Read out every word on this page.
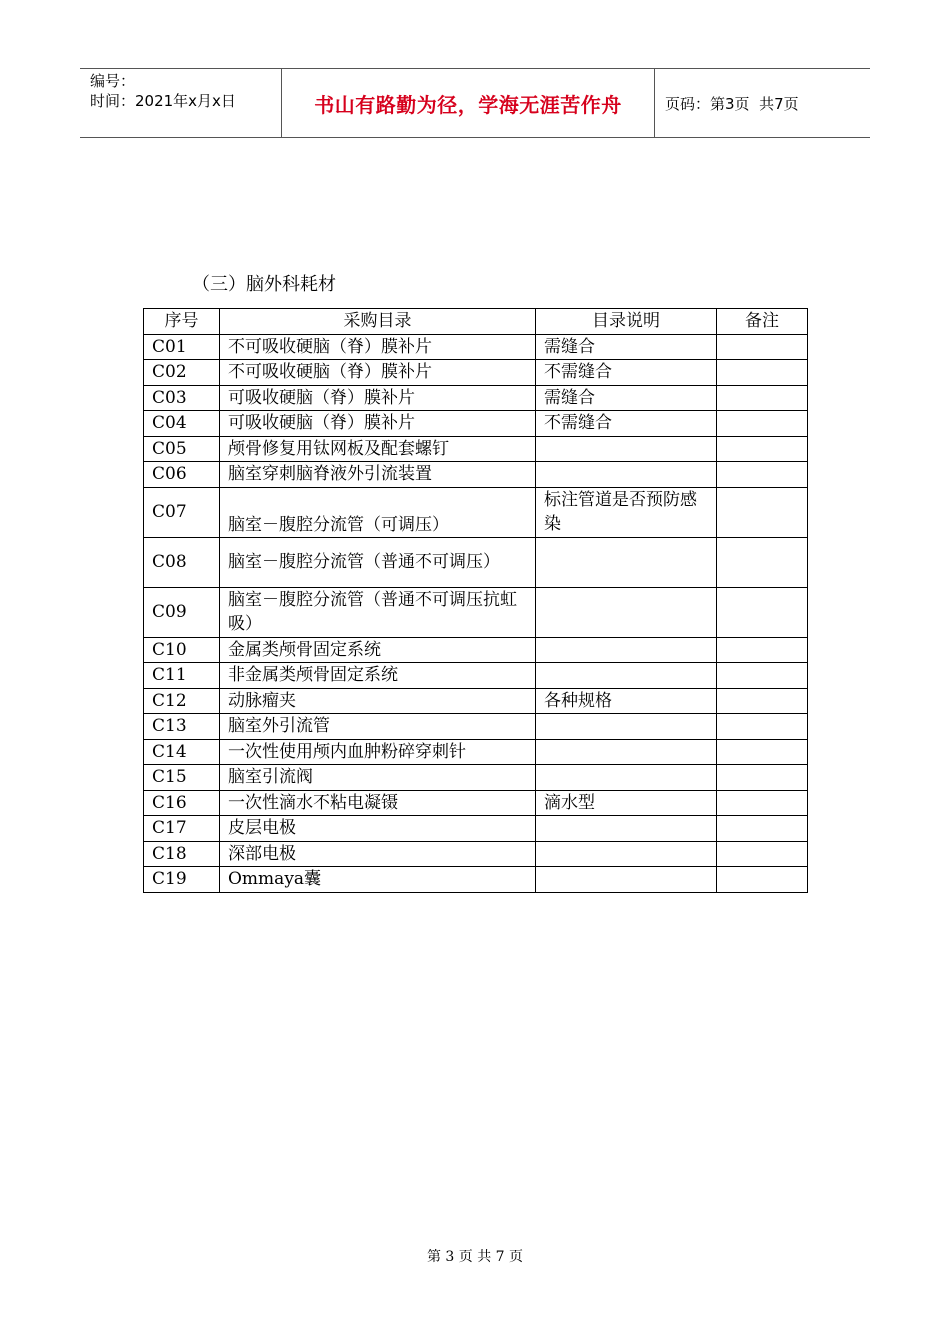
编号：
时间：2021年x月x日	书山有路勤为径，学海无涯苦作舟	页码：第3页  共7页
（三）脑外科耗材
序号	采购目录	目录说明	备注
C01	不可吸收硬脑（脊）膜补片	需缝合	
C02	不可吸收硬脑（脊）膜补片	不需缝合	
C03	可吸收硬脑（脊）膜补片	需缝合	
C04	可吸收硬脑（脊）膜补片	不需缝合	
C05	颅骨修复用钛网板及配套螺钉		
C06	脑室穿刺脑脊液外引流装置		
C07	脑室－腹腔分流管（可调压）	标注管道是否预防感染	
C08	脑室－腹腔分流管（普通不可调压）		
C09	脑室－腹腔分流管（普通不可调压抗虹吸）		
C10	金属类颅骨固定系统		
C11	非金属类颅骨固定系统		
C12	动脉瘤夹	各种规格	
C13	脑室外引流管		
C14	一次性使用颅内血肿粉碎穿刺针		
C15	脑室引流阀		
C16	一次性滴水不粘电凝镊	滴水型	
C17	皮层电极		
C18	深部电极		
C19	Ommaya囊		
第 3 页 共 7 页
